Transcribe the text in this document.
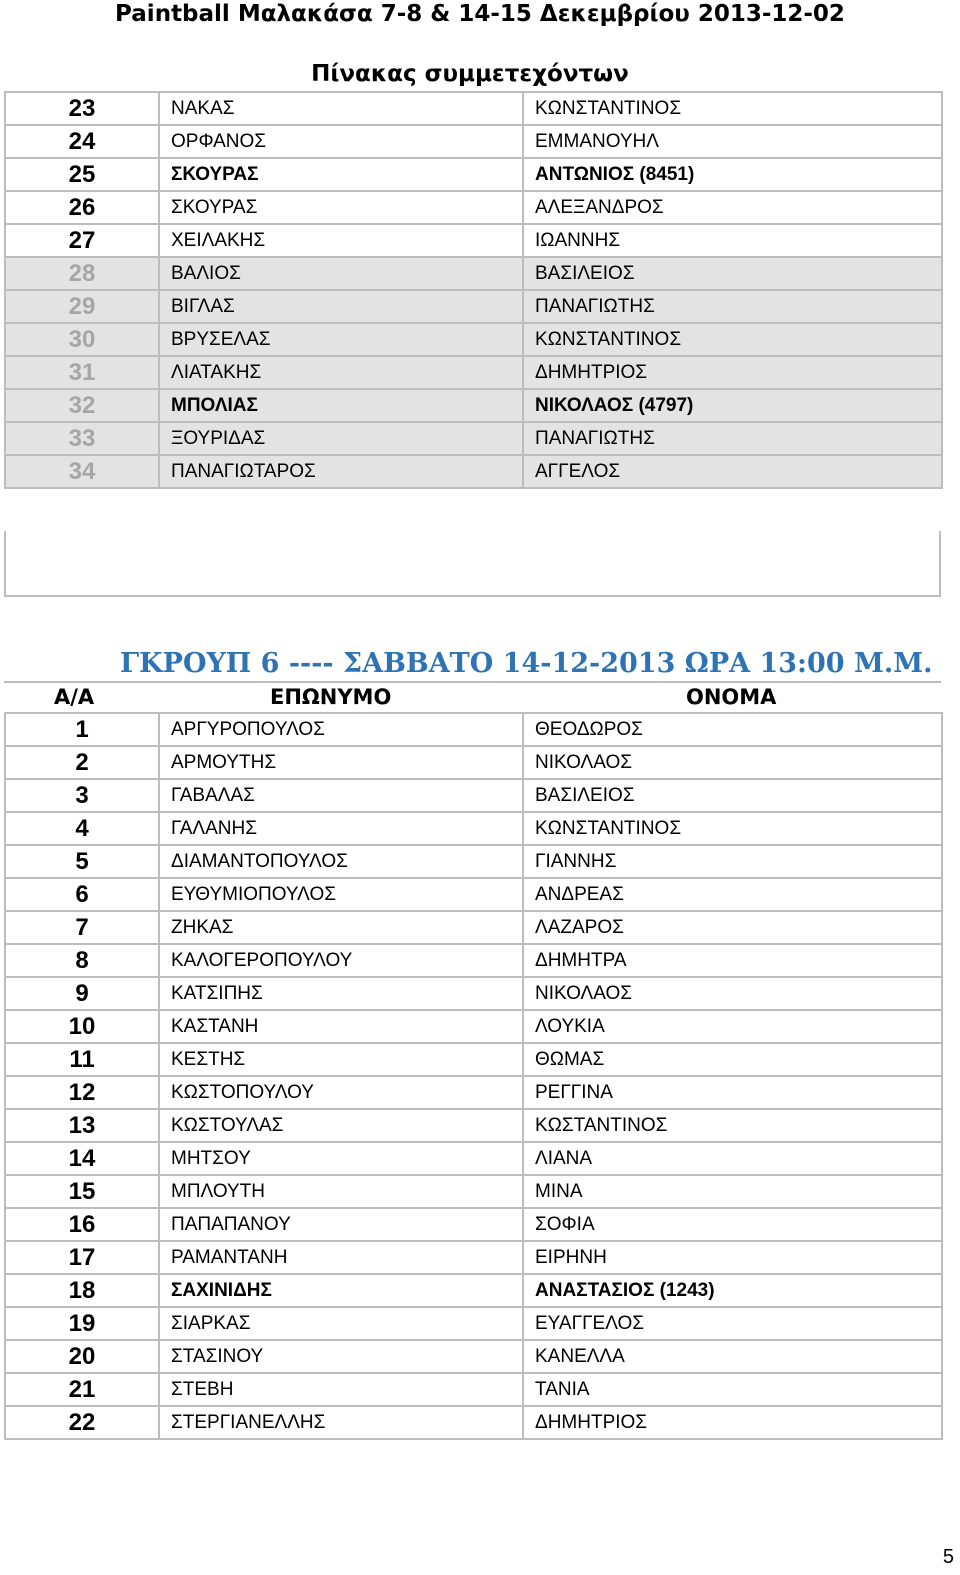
Paintball Μαλακάσα 7-8 & 14-15 Δεκεμβρίου 2013-12-02
Πίνακας συμμετεχόντων
23	ΝΑΚΑΣ	ΚΩΝΣΤΑΝΤΙΝΟΣ
24	ΟΡΦΑΝΟΣ	ΕΜΜΑΝΟΥΗΛ
25	ΣΚΟΥΡΑΣ	ΑΝΤΩΝΙΟΣ (8451)
26	ΣΚΟΥΡΑΣ	ΑΛΕΞΑΝΔΡΟΣ
27	ΧΕΙΛΑΚΗΣ	ΙΩΑΝΝΗΣ
28	ΒΑΛΙΟΣ	ΒΑΣΙΛΕΙΟΣ
29	ΒΙΓΛΑΣ	ΠΑΝΑΓΙΩΤΗΣ
30	ΒΡΥΣΕΛΑΣ	ΚΩΝΣΤΑΝΤΙΝΟΣ
31	ΛΙΑΤΑΚΗΣ	ΔΗΜΗΤΡΙΟΣ
32	ΜΠΟΛΙΑΣ	ΝΙΚΟΛΑΟΣ (4797)
33	ΞΟΥΡΙΔΑΣ	ΠΑΝΑΓΙΩΤΗΣ
34	ΠΑΝΑΓΙΩΤΑΡΟΣ	ΑΓΓΕΛΟΣ
ΓΚΡΟΥΠ 6 ---- ΣΑΒΒΑΤΟ 14-12-2013 ΩΡΑ 13:00 Μ.Μ.
Α/Α	ΕΠΩΝΥΜΟ	ΟΝΟΜΑ
1	ΑΡΓΥΡΟΠΟΥΛΟΣ	ΘΕΟΔΩΡΟΣ
2	ΑΡΜΟΥΤΗΣ	ΝΙΚΟΛΑΟΣ
3	ΓΑΒΑΛΑΣ	ΒΑΣΙΛΕΙΟΣ
4	ΓΑΛΑΝΗΣ	ΚΩΝΣΤΑΝΤΙΝΟΣ
5	ΔΙΑΜΑΝΤΟΠΟΥΛΟΣ	ΓΙΑΝΝΗΣ
6	ΕΥΘΥΜΙΟΠΟΥΛΟΣ	ΑΝΔΡΕΑΣ
7	ΖΗΚΑΣ	ΛΑΖΑΡΟΣ
8	ΚΑΛΟΓΕΡΟΠΟΥΛΟΥ	ΔΗΜΗΤΡΑ
9	ΚΑΤΣΙΠΗΣ	ΝΙΚΟΛΑΟΣ
10	ΚΑΣΤΑΝΗ	ΛΟΥΚΙΑ
11	ΚΕΣΤΗΣ	ΘΩΜΑΣ
12	ΚΩΣΤΟΠΟΥΛΟΥ	ΡΕΓΓΙΝΑ
13	ΚΩΣΤΟΥΛΑΣ	ΚΩΣΤΑΝΤΙΝΟΣ
14	ΜΗΤΣΟΥ	ΛΙΑΝΑ
15	ΜΠΛΟΥΤΗ	ΜΙΝΑ
16	ΠΑΠΑΠΑΝΟΥ	ΣΟΦΙΑ
17	ΡΑΜΑΝΤΑΝΗ	ΕΙΡΗΝΗ
18	ΣΑΧΙΝΙΔΗΣ	ΑΝΑΣΤΑΣΙΟΣ (1243)
19	ΣΙΑΡΚΑΣ	ΕΥΑΓΓΕΛΟΣ
20	ΣΤΑΣΙΝΟΥ	ΚΑΝΕΛΛΑ
21	ΣΤΕΒΗ	ΤΑΝΙΑ
22	ΣΤΕΡΓΙΑΝΕΛΛΗΣ	ΔΗΜΗΤΡΙΟΣ
5
